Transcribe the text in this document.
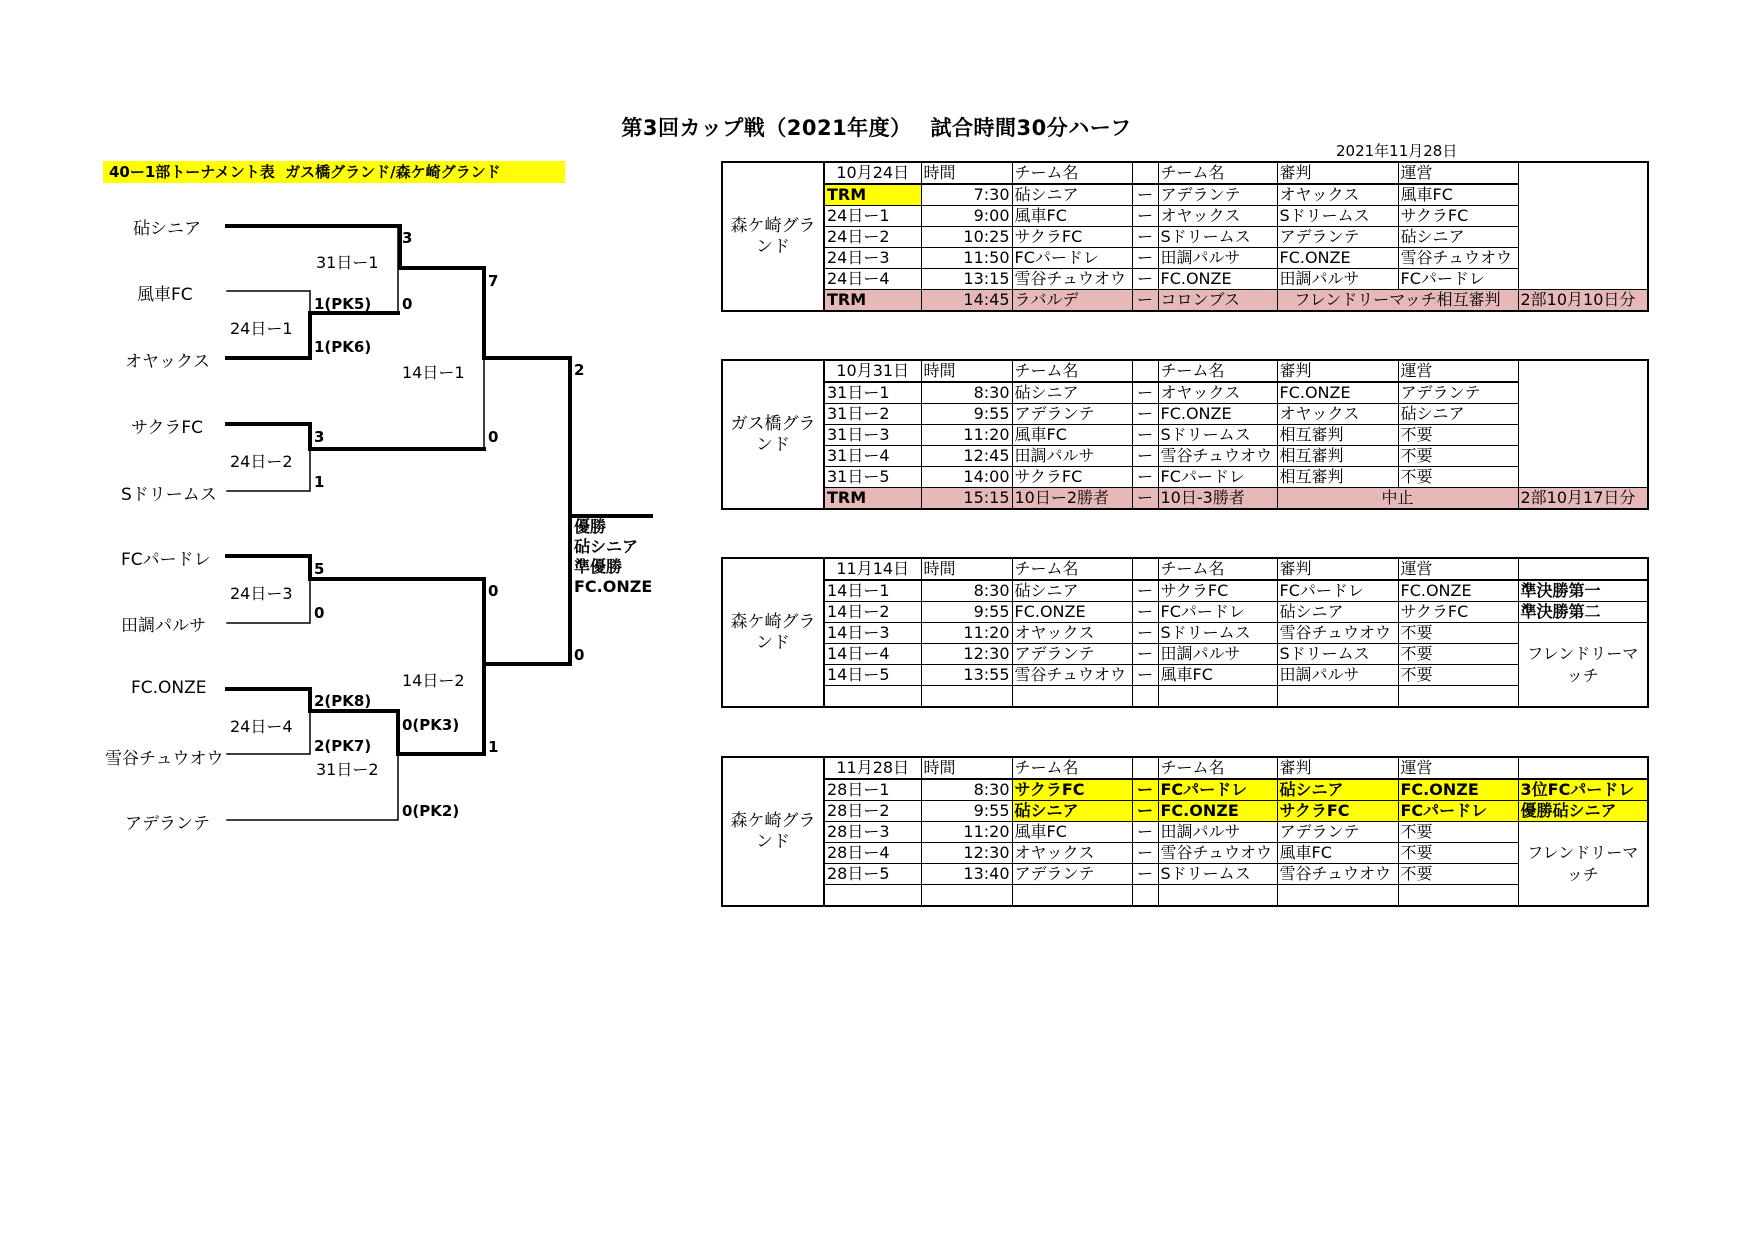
第3回カップ戦（2021年度）　 試合時間30分ハーフ
2021年11月28日
40ー1部トーナメント表  ガス橋グランド/森ケ崎グランド
砧シニア
風車FC
オヤックス
サクラFC
Sドリームス
FCパードレ
田調パルサ
FC.ONZE
雪谷チュウオウ
アデランテ
31日ー1
24日ー1
14日ー1
24日ー2
24日ー3
14日ー2
24日ー4
31日ー2
3
1(PK5) 0
1(PK6)
7
2
3
1
0
5
0
0
0
2(PK8)
0(PK3)
2(PK7)	1
0(PK2)
優勝
砧シニア
準優勝
FC.ONZE
森ケ崎グランド	10月24日	時間	チーム名		チーム名	審判	運営	
	TRM	7:30	砧シニア	ー	アデランテ	オヤックス	風車FC	
	24日ー1	9:00	風車FC	ー	オヤックス	Sドリームス	サクラFC	
	24日ー2	10:25	サクラFC	ー	Sドリームス	アデランテ	砧シニア	
	24日ー3	11:50	FCパードレ	ー	田調パルサ	FC.ONZE	雪谷チュウオウ	
	24日ー4	13:15	雪谷チュウオウ	ー	FC.ONZE	田調パルサ	FCパードレ	
	TRM	14:45	ラバルデ	ー	コロンブス	フレンドリーマッチ相互審判		2部10月10日分
ガス橋グランド	10月31日	時間	チーム名		チーム名	審判	運営	
	31日ー1	8:30	砧シニア	ー	オヤックス	FC.ONZE	アデランテ	
	31日ー2	9:55	アデランテ	ー	FC.ONZE	オヤックス	砧シニア	
	31日ー3	11:20	風車FC	ー	Sドリームス	相互審判	不要	
	31日ー4	12:45	田調パルサ	ー	雪谷チュウオウ	相互審判	不要	
	31日ー5	14:00	サクラFC	ー	FCパードレ	相互審判	不要	
	TRM	15:15	10日ー2勝者	ー	10日-3勝者	中止		2部10月17日分
森ケ崎グランド	11月14日	時間	チーム名		チーム名	審判	運営	
	14日ー1	8:30	砧シニア	ー	サクラFC	FCパードレ	FC.ONZE	準決勝第一
	14日ー2	9:55	FC.ONZE	ー	FCパードレ	砧シニア	サクラFC	準決勝第二
	14日ー3	11:20	オヤックス	ー	Sドリームス	雪谷チュウオウ	不要	フレンドリーマッチ
	14日ー4	12:30	アデランテ	ー	田調パルサ	Sドリームス	不要	
	14日ー5	13:55	雪谷チュウオウ	ー	風車FC	田調パルサ	不要	

森ケ崎グランド	11月28日	時間	チーム名		チーム名	審判	運営	
	28日ー1	8:30	サクラFC	ー	FCパードレ	砧シニア	FC.ONZE	3位FCパードレ
	28日ー2	9:55	砧シニア	ー	FC.ONZE	サクラFC	FCパードレ	優勝砧シニア
	28日ー3	11:20	風車FC	ー	田調パルサ	アデランテ	不要	フレンドリーマッチ
	28日ー4	12:30	オヤックス	ー	雪谷チュウオウ	風車FC	不要	
	28日ー5	13:40	アデランテ	ー	Sドリームス	雪谷チュウオウ	不要	
